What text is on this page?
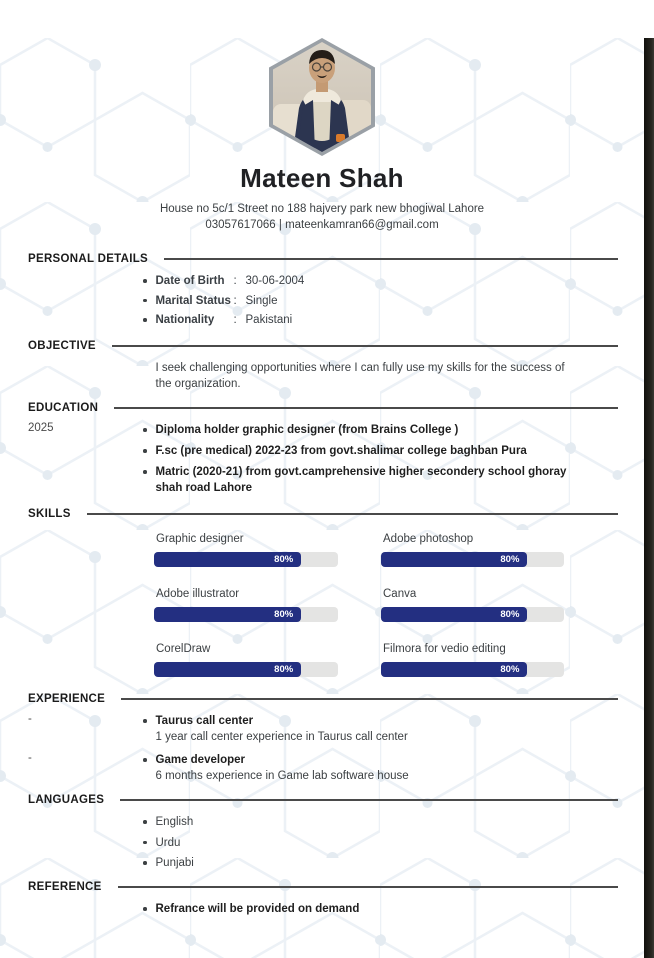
Mateen Shah
House no 5c/1 Street no 188 hajvery park new bhogiwal Lahore
03057617066 | mateenkamran66@gmail.com
PERSONAL DETAILS
Date of Birth : 30-06-2004
Marital Status : Single
Nationality	: Pakistani
OBJECTIVE
I seek challenging opportunities where I can fully use my skills for the success of the organization.
EDUCATION
2025	Diploma holder graphic designer (from Brains College )
F.sc (pre medical) 2022-23 from govt.shalimar college baghban Pura
Matric (2020-21) from govt.camprehensive higher secondery school ghoray shah road Lahore
SKILLS
Graphic designer
80%
Adobe photoshop
80%
Adobe illustrator
80%
Canva
80%
CorelDraw
80%
Filmora for vedio editing
80%
EXPERIENCE
-	Taurus call center
1 year call center experience in Taurus call center
-	Game developer
6 months experience in Game lab software house
LANGUAGES
English
Urdu
Punjabi
REFERENCE
Refrance will be provided on demand
